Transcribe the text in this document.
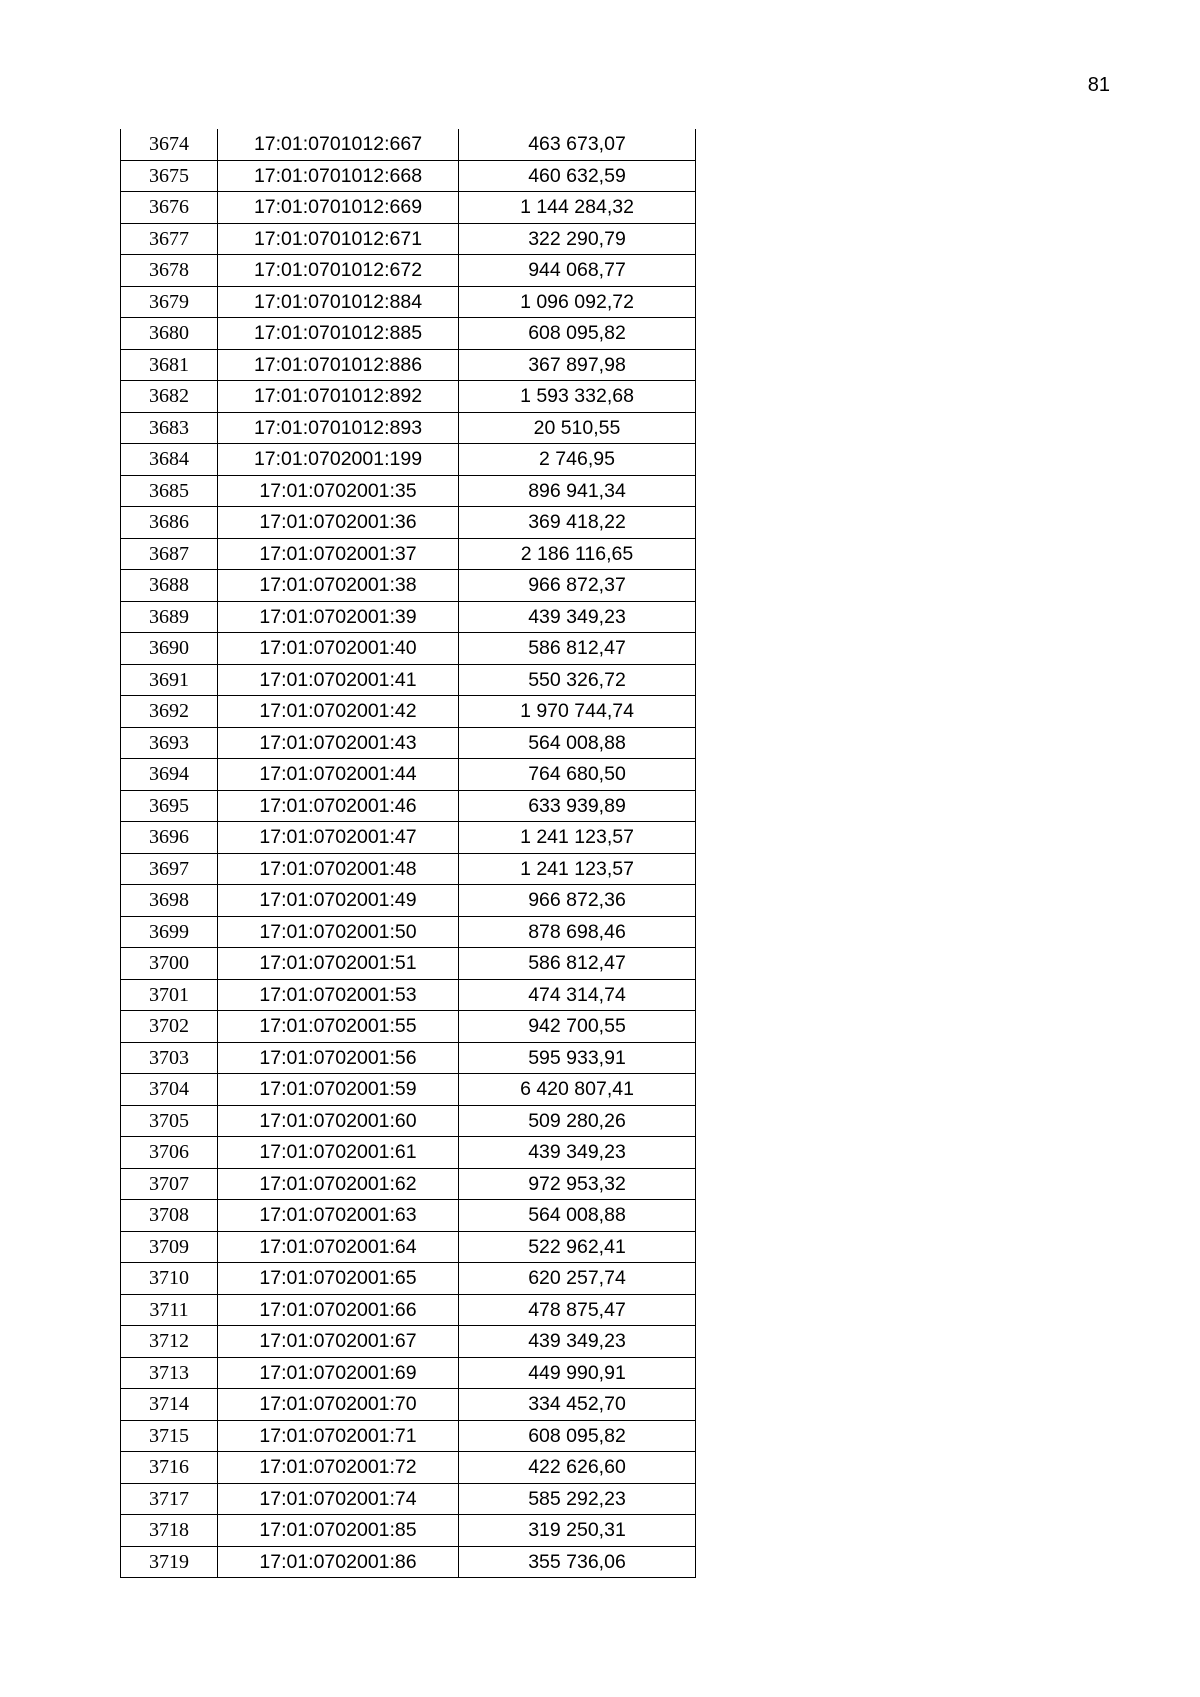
81
3674	17:01:0701012:667	463 673,07
3675	17:01:0701012:668	460 632,59
3676	17:01:0701012:669	1 144 284,32
3677	17:01:0701012:671	322 290,79
3678	17:01:0701012:672	944 068,77
3679	17:01:0701012:884	1 096 092,72
3680	17:01:0701012:885	608 095,82
3681	17:01:0701012:886	367 897,98
3682	17:01:0701012:892	1 593 332,68
3683	17:01:0701012:893	20 510,55
3684	17:01:0702001:199	2 746,95
3685	17:01:0702001:35	896 941,34
3686	17:01:0702001:36	369 418,22
3687	17:01:0702001:37	2 186 116,65
3688	17:01:0702001:38	966 872,37
3689	17:01:0702001:39	439 349,23
3690	17:01:0702001:40	586 812,47
3691	17:01:0702001:41	550 326,72
3692	17:01:0702001:42	1 970 744,74
3693	17:01:0702001:43	564 008,88
3694	17:01:0702001:44	764 680,50
3695	17:01:0702001:46	633 939,89
3696	17:01:0702001:47	1 241 123,57
3697	17:01:0702001:48	1 241 123,57
3698	17:01:0702001:49	966 872,36
3699	17:01:0702001:50	878 698,46
3700	17:01:0702001:51	586 812,47
3701	17:01:0702001:53	474 314,74
3702	17:01:0702001:55	942 700,55
3703	17:01:0702001:56	595 933,91
3704	17:01:0702001:59	6 420 807,41
3705	17:01:0702001:60	509 280,26
3706	17:01:0702001:61	439 349,23
3707	17:01:0702001:62	972 953,32
3708	17:01:0702001:63	564 008,88
3709	17:01:0702001:64	522 962,41
3710	17:01:0702001:65	620 257,74
3711	17:01:0702001:66	478 875,47
3712	17:01:0702001:67	439 349,23
3713	17:01:0702001:69	449 990,91
3714	17:01:0702001:70	334 452,70
3715	17:01:0702001:71	608 095,82
3716	17:01:0702001:72	422 626,60
3717	17:01:0702001:74	585 292,23
3718	17:01:0702001:85	319 250,31
3719	17:01:0702001:86	355 736,06
